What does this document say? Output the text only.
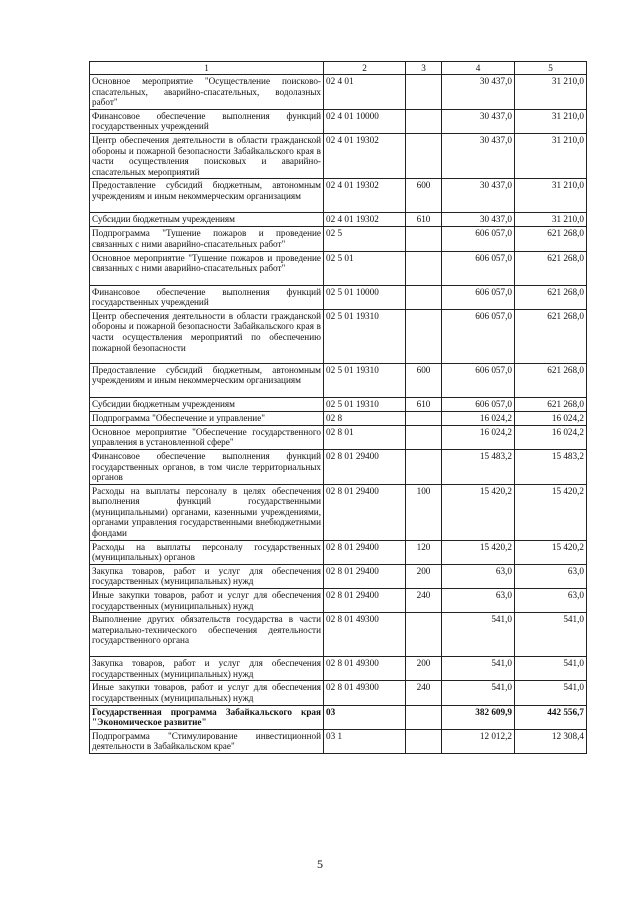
1	2	3	4	5
Основное мероприятие "Осуществление поисково-спасательных, аварийно-спасательных, водолазных работ"	02 4 01		30 437,0	31 210,0
Финансовое обеспечение выполнения функций государственных учреждений	02 4 01 10000		30 437,0	31 210,0
Центр обеспечения деятельности в области гражданской обороны и пожарной безопасности Забайкальского края в части осуществления поисковых и аварийно-спасательных мероприятий	02 4 01 19302		30 437,0	31 210,0
Предоставление субсидий бюджетным, автономным учреждениям и иным некоммерческим организациям	02 4 01 19302	600	30 437,0	31 210,0
Субсидии бюджетным учреждениям	02 4 01 19302	610	30 437,0	31 210,0
Подпрограмма "Тушение пожаров и проведение связанных с ними аварийно-спасательных работ"	02 5		606 057,0	621 268,0
Основное мероприятие "Тушение пожаров и проведение связанных с ними аварийно-спасательных работ"	02 5 01		606 057,0	621 268,0
Финансовое обеспечение выполнения функций государственных учреждений	02 5 01 10000		606 057,0	621 268,0
Центр обеспечения деятельности в области гражданской обороны и пожарной безопасности Забайкальского края в части осуществления мероприятий по обеспечению пожарной безопасности	02 5 01 19310		606 057,0	621 268,0
Предоставление субсидий бюджетным, автономным учреждениям и иным некоммерческим организациям	02 5 01 19310	600	606 057,0	621 268,0
Субсидии бюджетным учреждениям	02 5 01 19310	610	606 057,0	621 268,0
Подпрограмма "Обеспечение и управление"	02 8		16 024,2	16 024,2
Основное мероприятие "Обеспечение государственного управления в установленной сфере"	02 8 01		16 024,2	16 024,2
Финансовое обеспечение выполнения функций государственных органов, в том числе территориальных органов	02 8 01 29400		15 483,2	15 483,2
Расходы на выплаты персоналу в целях обеспечения выполнения функций государственными (муниципальными) органами, казенными учреждениями, органами управления государственными внебюджетными фондами	02 8 01 29400	100	15 420,2	15 420,2
Расходы на выплаты персоналу государственных (муниципальных) органов	02 8 01 29400	120	15 420,2	15 420,2
Закупка товаров, работ и услуг для обеспечения государственных (муниципальных) нужд	02 8 01 29400	200	63,0	63,0
Иные закупки товаров, работ и услуг для обеспечения государственных (муниципальных) нужд	02 8 01 29400	240	63,0	63,0
Выполнение других обязательств государства в части материально-технического обеспечения деятельности государственного органа	02 8 01 49300		541,0	541,0
Закупка товаров, работ и услуг для обеспечения государственных (муниципальных) нужд	02 8 01 49300	200	541,0	541,0
Иные закупки товаров, работ и услуг для обеспечения государственных (муниципальных) нужд	02 8 01 49300	240	541,0	541,0
Государственная программа Забайкальского края "Экономическое развитие"	03		382 609,9	442 556,7
Подпрограмма "Стимулирование инвестиционной деятельности в Забайкальском крае"	03 1		12 012,2	12 308,4
5
